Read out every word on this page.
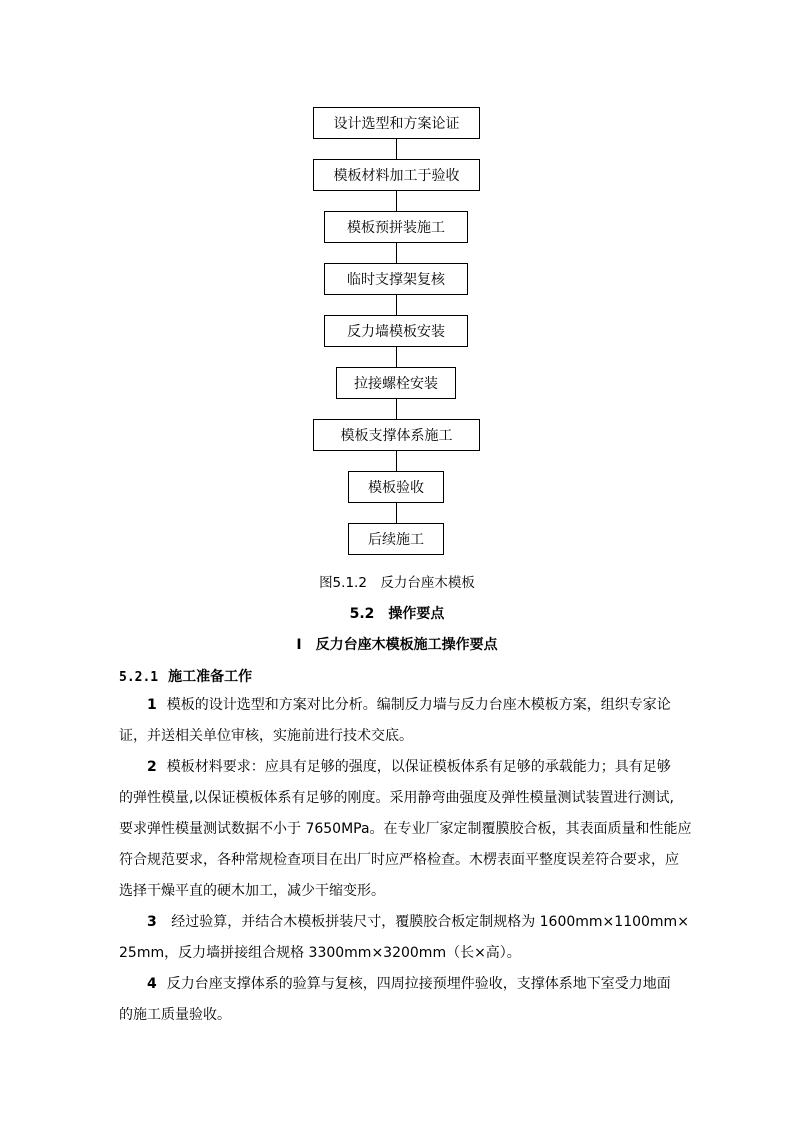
设计选型和方案论证
模板材料加工于验收
模板预拼装施工
临时支撑架复核
反力墙模板安装
拉接螺栓安装
模板支撑体系施工
模板验收
后续施工
图5.1.2　反力台座木模板
5.2　操作要点
Ⅰ　反力台座木模板施工操作要点
5.2.1 施工准备工作
1 模板的设计选型和方案对比分析。编制反力墙与反力台座木模板方案，组织专家论
证，并送相关单位审核，实施前进行技术交底。
2 模板材料要求：应具有足够的强度，以保证模板体系有足够的承载能力；具有足够
的弹性模量,以保证模板体系有足够的刚度。采用静弯曲强度及弹性模量测试装置进行测试,
要求弹性模量测试数据不小于 7650MPa。在专业厂家定制覆膜胶合板，其表面质量和性能应
符合规范要求，各种常规检查项目在出厂时应严格检查。木楞表面平整度误差符合要求，应
选择干燥平直的硬木加工，减少干缩变形。
3 经过验算，并结合木模板拼装尺寸，覆膜胶合板定制规格为 1600mm×1100mm×
25mm，反力墙拼接组合规格 3300mm×3200mm（长×高）。
4 反力台座支撑体系的验算与复核，四周拉接预埋件验收，支撑体系地下室受力地面
的施工质量验收。
